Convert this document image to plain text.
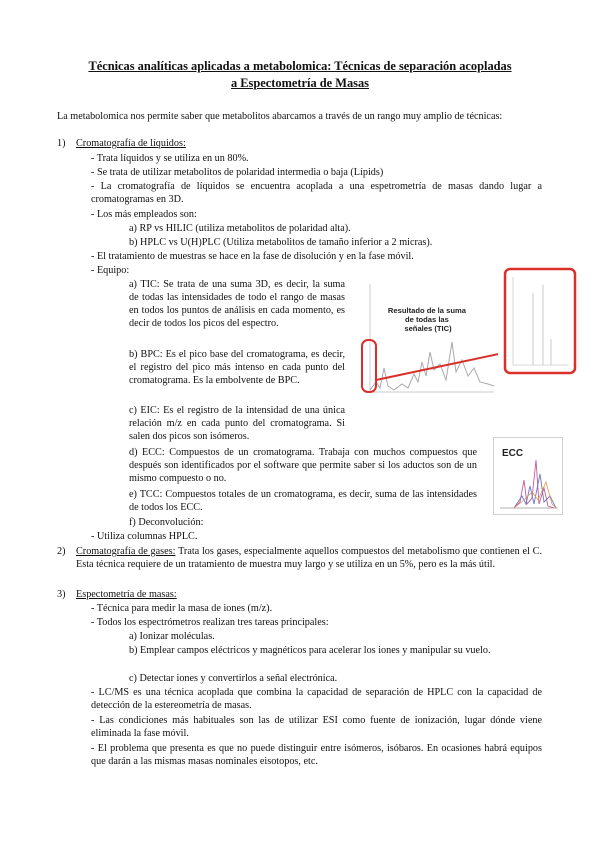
Técnicas analíticas aplicadas a metabolomica: Técnicas de separación acopladas
a Espectometría de Masas
La metabolomica nos permite saber que metabolitos abarcamos a través de un rango muy amplio de técnicas:
1) Cromatografía de líquidos:
- Trata líquidos y se utiliza en un 80%.
- Se trata de utilizar metabolitos de polaridad intermedia o baja (Lípids)
- La cromatografía de líquidos se encuentra acoplada a una espetrometría de masas dando lugar a cromatogramas en 3D.
- Los más empleados son:
a) RP vs HILIC (utiliza metabolitos de polaridad alta).
b) HPLC vs U(H)PLC (Utiliza metabolitos de tamaño inferior a 2 micras).
- El tratamiento de muestras se hace en la fase de disolución y en la fase móvil.
- Equipo:
a) TIC: Se trata de una suma 3D, es decir, la suma de todas las intensidades de todo el rango de masas en todos los puntos de análisis en cada momento, es decir de todos los picos del espectro.
b) BPC: Es el pico base del cromatograma, es decir, el registro del pico más intenso en cada punto del cromatograma. Es la embolvente de BPC.
c) EIC: Es el registro de la intensidad de una única relación m/z en cada punto del cromatograma. Si salen dos picos son isómeros.
d) ECC: Compuestos de un cromatograma. Trabaja con muchos compuestos que después son identificados por el software que permite saber si los aductos son de un mismo compuesto o no.
e) TCC: Compuestos totales de un cromatograma, es decir, suma de las intensidades de todos los ECC.
f) Deconvolución:
- Utiliza columnas HPLC.
2) Cromatografía de gases: Trata los gases, especialmente aquellos compuestos del metabolismo que contienen el C. Esta técnica requiere de un tratamiento de muestra muy largo y se utiliza en un 5%, pero es la más útil.
3) Espectometría de masas:
- Técnica para medir la masa de iones (m/z).
- Todos los espectrómetros realizan tres tareas principales:
a) Ionizar moléculas.
b) Emplear campos eléctricos y magnéticos para acelerar los iones y manipular su vuelo.
c) Detectar iones y convertirlos a señal electrónica.
- LC/MS es una técnica acoplada que combina la capacidad de separación de HPLC con la capacidad de detección de la estereometría de masas.
- Las condiciones más habituales son las de utilizar ESI como fuente de ionización, lugar dónde viene eliminada la fase móvil.
- El problema que presenta es que no puede distinguir entre isómeros, isóbaros. En ocasiones habrá equipos que darán a las mismas masas nominales eisotopos, etc.
Resultado de la suma de todas las señales (TIC)
ECC
